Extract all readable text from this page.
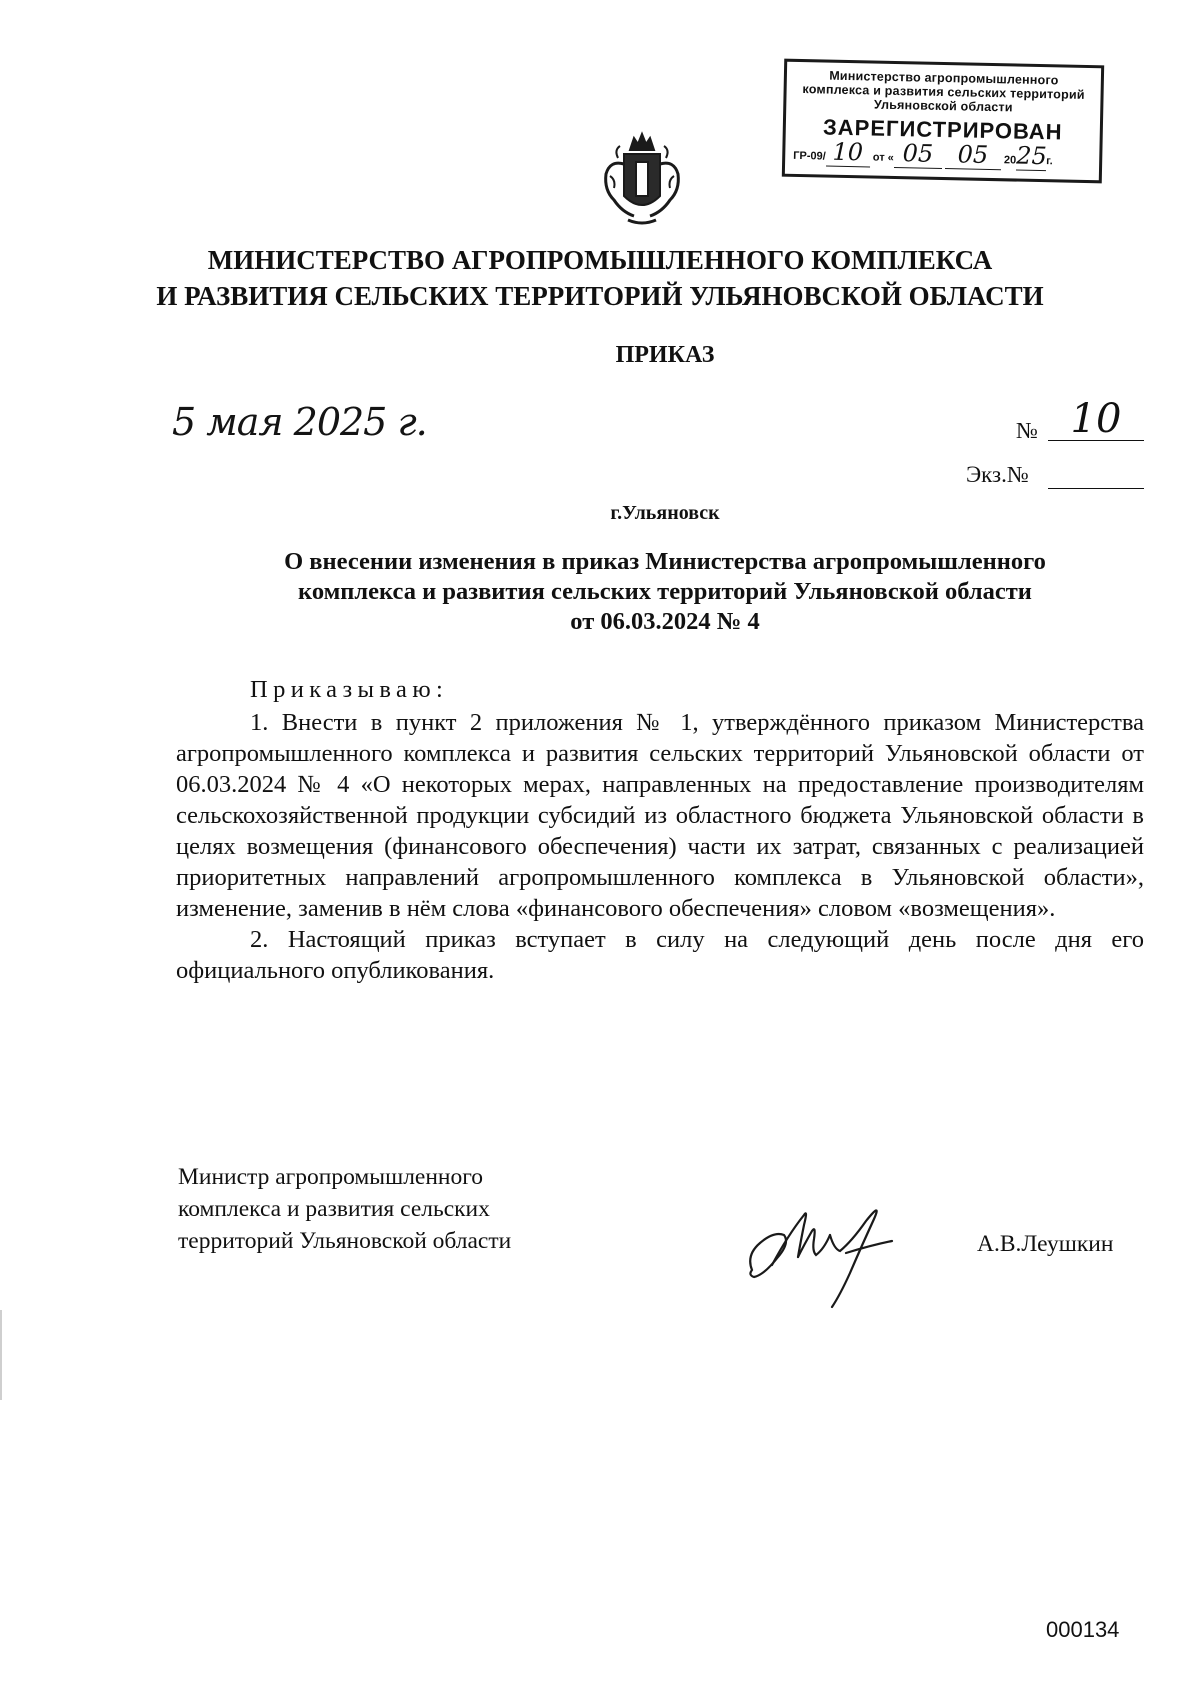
Министерство агропромышленного
комплекса и развития сельских территорий
Ульяновской области
ЗАРЕГИСТРИРОВАН
ГР-09/ 10 от « 05 05 2025г.
МИНИСТЕРСТВО АГРОПРОМЫШЛЕННОГО КОМПЛЕКСА
И РАЗВИТИЯ СЕЛЬСКИХ ТЕРРИТОРИЙ УЛЬЯНОВСКОЙ ОБЛАСТИ
ПРИКАЗ
5 мая 2025 г.	№ 10
Экз.№
г.Ульяновск
О внесении изменения в приказ Министерства агропромышленного
комплекса и развития сельских территорий Ульяновской области
от 06.03.2024 № 4

Приказываю:

1. Внести в пункт 2 приложения № 1, утверждённого приказом Министерства агропромышленного комплекса и развития сельских территорий Ульяновской области от 06.03.2024 № 4 «О некоторых мерах, направленных на предоставление производителям сельскохозяйственной продукции субсидий из областного бюджета Ульяновской области в целях возмещения (финансового обеспечения) части их затрат, связанных с реализацией приоритетных направлений агропромышленного комплекса в Ульяновской области», изменение, заменив в нём слова «финансового обеспечения» словом «возмещения».

2. Настоящий приказ вступает в силу на следующий день после дня его официального опубликования.

Министр агропромышленного
комплекса и развития сельских
территорий Ульяновской области	А.В.Леушкин
000134
